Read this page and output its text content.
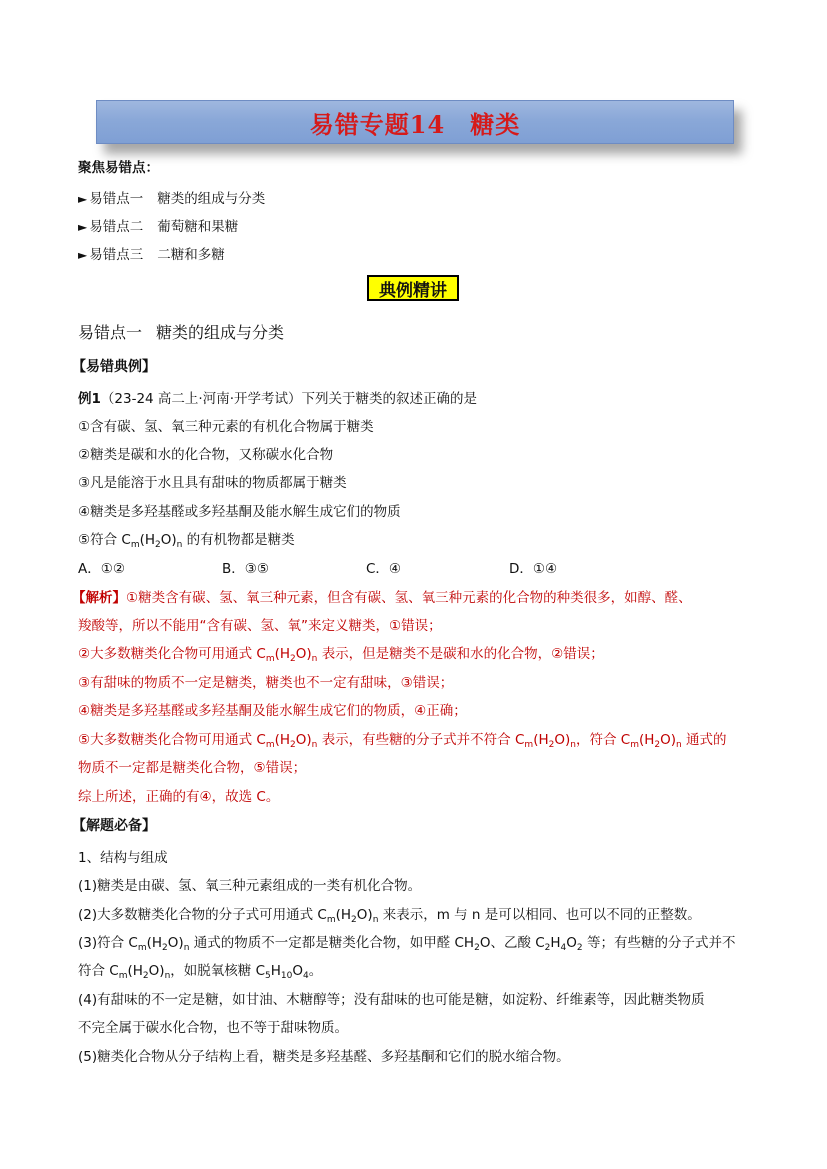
易错专题14　糖类
聚焦易错点：
► 易错点一 糖类的组成与分类
► 易错点二 葡萄糖和果糖
► 易错点三 二糖和多糖
典例精讲
易错点一 糖类的组成与分类
【易错典例】
例1（23-24 高二上·河南·开学考试）下列关于糖类的叙述正确的是
①含有碳、氢、氧三种元素的有机化合物属于糖类
②糖类是碳和水的化合物，又称碳水化合物
③凡是能溶于水且具有甜味的物质都属于糖类
④糖类是多羟基醛或多羟基酮及能水解生成它们的物质
⑤符合 $C_m(H_2O)_n$ 的有机物都是糖类
A．①②	B．③⑤	C．④	D．①④
【解析】①糖类含有碳、氢、氧三种元素，但含有碳、氢、氧三种元素的化合物的种类很多，如醇、醛、
羧酸等，所以不能用“含有碳、氢、氧”来定义糖类，①错误；
②大多数糖类化合物可用通式 $C_m(H_2O)_n$ 表示，但是糖类不是碳和水的化合物，②错误；
③有甜味的物质不一定是糖类，糖类也不一定有甜味，③错误；
④糖类是多羟基醛或多羟基酮及能水解生成它们的物质，④正确；
⑤大多数糖类化合物可用通式 $C_m(H_2O)_n$ 表示，有些糖的分子式并不符合 $C_m(H_2O)_n$，符合 $C_m(H_2O)_n$ 通式的
物质不一定都是糖类化合物，⑤错误；
综上所述，正确的有④，故选 C。
【解题必备】
1、结构与组成
(1)糖类是由碳、氢、氧三种元素组成的一类有机化合物。
(2)大多数糖类化合物的分子式可用通式 $C_m(H_2O)_n$ 来表示，m 与 n 是可以相同、也可以不同的正整数。
(3)符合 $C_m(H_2O)_n$ 通式的物质不一定都是糖类化合物，如甲醛 $CH_2O$、乙酸 $C_2H_4O_2$ 等；有些糖的分子式并不
符合 $C_m(H_2O)_n$，如脱氧核糖 $C_5H_{10}O_4$。
(4)有甜味的不一定是糖，如甘油、木糖醇等；没有甜味的也可能是糖，如淀粉、纤维素等，因此糖类物质
不完全属于碳水化合物，也不等于甜味物质。
(5)糖类化合物从分子结构上看，糖类是多羟基醛、多羟基酮和它们的脱水缩合物。
